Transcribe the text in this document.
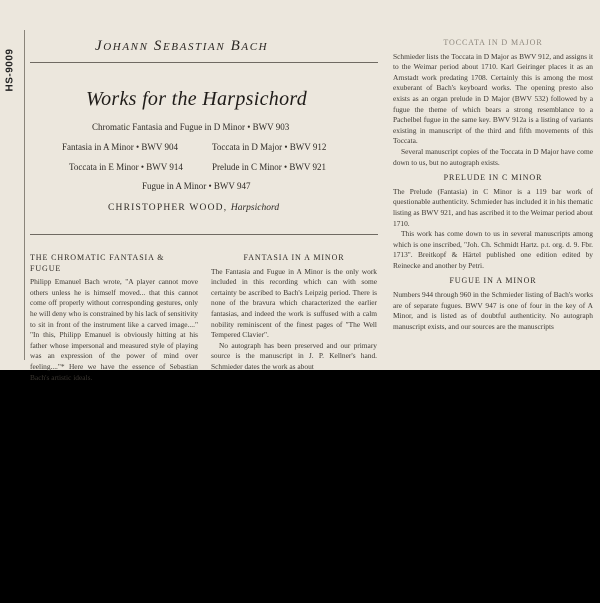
HS-9009
Johann Sebastian Bach
Works for the Harpsichord
Chromatic Fantasia and Fugue in D Minor • BWV 903
Fantasia in A Minor • BWV 904	Toccata in D Major • BWV 912
Toccata in E Minor • BWV 914	Prelude in C Minor • BWV 921
Fugue in A Minor • BWV 947
CHRISTOPHER WOOD, Harpsichord
THE CHROMATIC FANTASIA & FUGUE

Philipp Emanuel Bach wrote, "A player cannot move others unless he is himself moved... that this cannot come off properly without corresponding gestures, only he will deny who is constrained by his lack of sensitivity to sit in front of the instrument like a carved image...." "In this, Philipp Emanuel is obviously hitting at his father whose impersonal and measured style of playing was an expression of the power of mind over feeling...."* Here we have the essence of Sebastian Bach's artistic ideals.

FANTASIA IN A MINOR

The Fantasia and Fugue in A Minor is the only work included in this recording which can with some certainty be ascribed to Bach's Leipzig period. There is none of the bravura which characterized the earlier fantasias, and indeed the work is suffused with a calm nobility reminiscent of the finest pages of "The Well Tempered Clavier".

No autograph has been preserved and our primary source is the manuscript in J. P. Kellner's hand. Schmieder dates the work as about

TOCCATA IN D MAJOR

Schmieder lists the Toccata in D Major as BWV 912, and assigns it to the Weimar period about 1710. Karl Geiringer places it as an Arnstadt work predating 1708. Certainly this is among the most exuberant of Bach's keyboard works. The opening presto also exists as an organ prelude in D Major (BWV 532) followed by a fugue the theme of which bears a strong resemblance to a Pachelbel fugue in the same key. BWV 912a is a listing of variants existing in manuscript of the third and fifth movements of this Toccata.

Several manuscript copies of the Toccata in D Major have come down to us, but no autograph exists.

PRELUDE IN C MINOR

The Prelude (Fantasia) in C Minor is a 119 bar work of questionable authenticity. Schmieder has included it in his thematic listing as BWV 921, and has ascribed it to the Weimar period about 1710.

This work has come down to us in several manuscripts among which is one inscribed, "Joh. Ch. Schmidt Hartz. p.t. org. d. 9. Fbr. 1713". Breitkopf & Härtel published one edition edited by Reinecke and another by Petri.

FUGUE IN A MINOR

Numbers 944 through 960 in the Schmieder listing of Bach's works are of separate fugues. BWV 947 is one of four in the key of A Minor, and is listed as of doubtful authenticity. No autograph manuscript exists, and our sources are the manuscripts
